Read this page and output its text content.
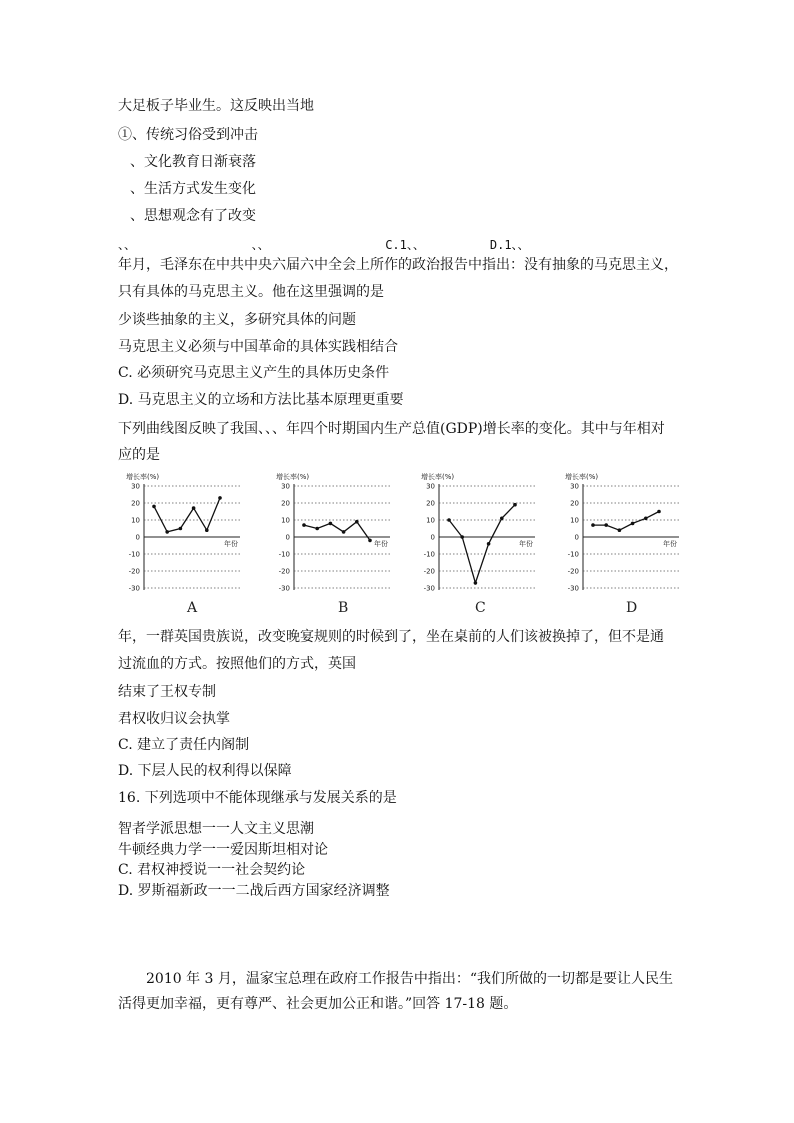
大足板子毕业生。这反映出当地
①、传统习俗受到冲击
、文化教育日渐衰落
、生活方式发生变化
、思想观念有了改变
、、                、、                C.1、、         D.1、、
年月，毛泽东在中共中央六届六中全会上所作的政治报告中指出：没有抽象的马克思主义，
只有具体的马克思主义。他在这里强调的是
少谈些抽象的主义，多研究具体的问题
马克思主义必须与中国革命的具体实践相结合
C. 必须研究马克思主义产生的具体历史条件
D. 马克思主义的立场和方法比基本原理更重要
下列曲线图反映了我国、、、年四个时期国内生产总值(GDP)增长率的变化。其中与年相对
应的是
增长率(%)
30
20
10
0
-10
-20
-30
年份
增长率(%)
30
20
10
0
-10
-20
-30
年份
增长率(%)
30
20
10
0
-10
-20
-30
年份
增长率(%)
30
20
10
0
-10
-20
-30
年份
A	B	C	D
年，一群英国贵族说，改变晚宴规则的时候到了，坐在桌前的人们该被换掉了，但不是通
过流血的方式。按照他们的方式，英国
结束了王权专制
君权收归议会执掌
C. 建立了责任内阁制
D. 下层人民的权利得以保障
16. 下列选项中不能体现继承与发展关系的是
智者学派思想一一人文主义思潮
牛顿经典力学一一爱因斯坦相对论
C. 君权神授说一一社会契约论
D. 罗斯福新政一一二战后西方国家经济调整
2010 年 3 月，温家宝总理在政府工作报告中指出：“我们所做的一切都是要让人民生
活得更加幸福，更有尊严、社会更加公正和谐。”回答 17-18 题。
